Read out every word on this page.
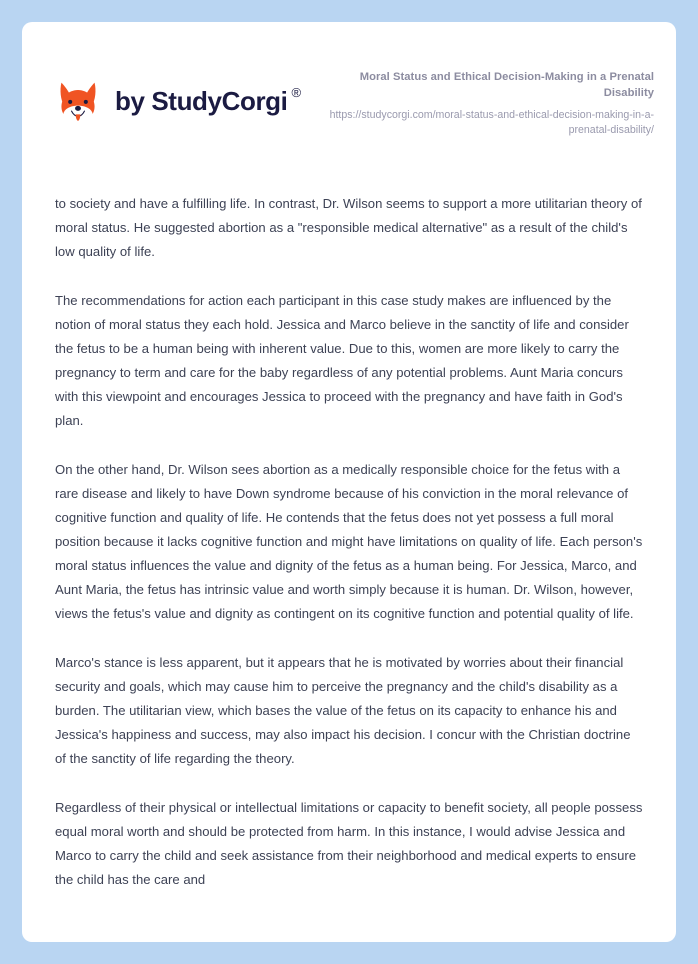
by StudyCorgi ®
Moral Status and Ethical Decision-Making in a Prenatal Disability
https://studycorgi.com/moral-status-and-ethical-decision-making-in-a-prenatal-disability/

to society and have a fulfilling life. In contrast, Dr. Wilson seems to support a more utilitarian theory of moral status. He suggested abortion as a "responsible medical alternative" as a result of the child's low quality of life.

The recommendations for action each participant in this case study makes are influenced by the notion of moral status they each hold. Jessica and Marco believe in the sanctity of life and consider the fetus to be a human being with inherent value. Due to this, women are more likely to carry the pregnancy to term and care for the baby regardless of any potential problems. Aunt Maria concurs with this viewpoint and encourages Jessica to proceed with the pregnancy and have faith in God's plan.

On the other hand, Dr. Wilson sees abortion as a medically responsible choice for the fetus with a rare disease and likely to have Down syndrome because of his conviction in the moral relevance of cognitive function and quality of life. He contends that the fetus does not yet possess a full moral position because it lacks cognitive function and might have limitations on quality of life. Each person's moral status influences the value and dignity of the fetus as a human being. For Jessica, Marco, and Aunt Maria, the fetus has intrinsic value and worth simply because it is human. Dr. Wilson, however, views the fetus's value and dignity as contingent on its cognitive function and potential quality of life.

Marco's stance is less apparent, but it appears that he is motivated by worries about their financial security and goals, which may cause him to perceive the pregnancy and the child's disability as a burden. The utilitarian view, which bases the value of the fetus on its capacity to enhance his and Jessica's happiness and success, may also impact his decision. I concur with the Christian doctrine of the sanctity of life regarding the theory.

Regardless of their physical or intellectual limitations or capacity to benefit society, all people possess equal moral worth and should be protected from harm. In this instance, I would advise Jessica and Marco to carry the child and seek assistance from their neighborhood and medical experts to ensure the child has the care and
